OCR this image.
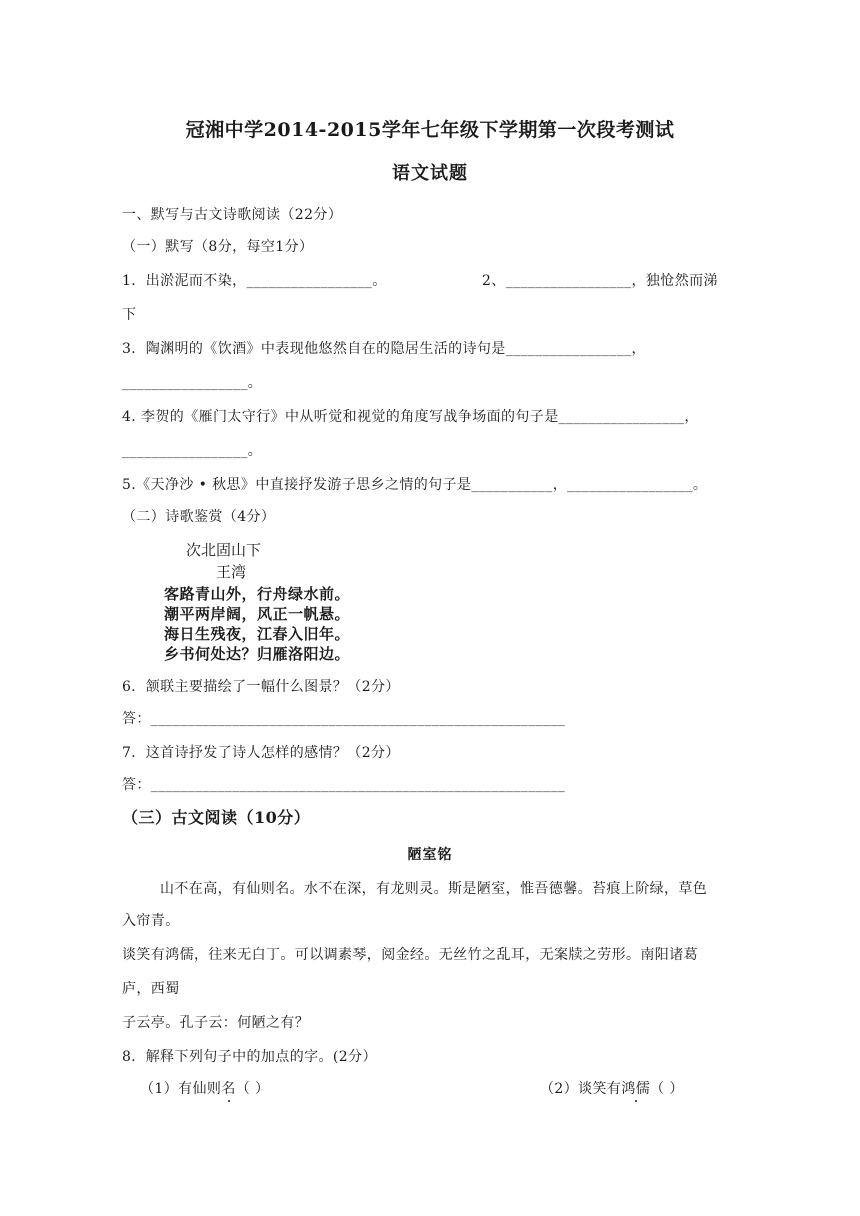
冠湘中学2014-2015学年七年级下学期第一次段考测试
语文试题
一、默写与古文诗歌阅读（22分）
（一）默写（8分，每空1分）
1．出淤泥而不染，_________________。	2、_________________，独怆然而涕
下
3．陶渊明的《饮酒》中表现他悠然自在的隐居生活的诗句是_________________，
_________________。
4. 李贺的《雁门太守行》中从听觉和视觉的角度写战争场面的句子是_________________，
_________________。
5.《天净沙 • 秋思》中直接抒发游子思乡之情的句子是___________，_________________。
（二）诗歌鉴赏（4分）
次北固山下
王湾
客路青山外，行舟绿水前。
潮平两岸阔，风正一帆悬。
海日生残夜，江春入旧年。
乡书何处达？归雁洛阳边。
6．颔联主要描绘了一幅什么图景？（2分）
答：________________________________________________________
7．这首诗抒发了诗人怎样的感情？（2分）
答：________________________________________________________
（三）古文阅读（10分）
陋室铭
山不在高，有仙则名。水不在深，有龙则灵。斯是陋室，惟吾德馨。苔痕上阶绿，草色
入帘青。
谈笑有鸿儒，往来无白丁。可以调素琴，阅金经。无丝竹之乱耳，无案牍之劳形。南阳诸葛
庐，西蜀
子云亭。孔子云：何陋之有？
8．解释下列句子中的加点的字。(2分）
（1）有仙则名（ ）	（2）谈笑有鸿儒（ ）
